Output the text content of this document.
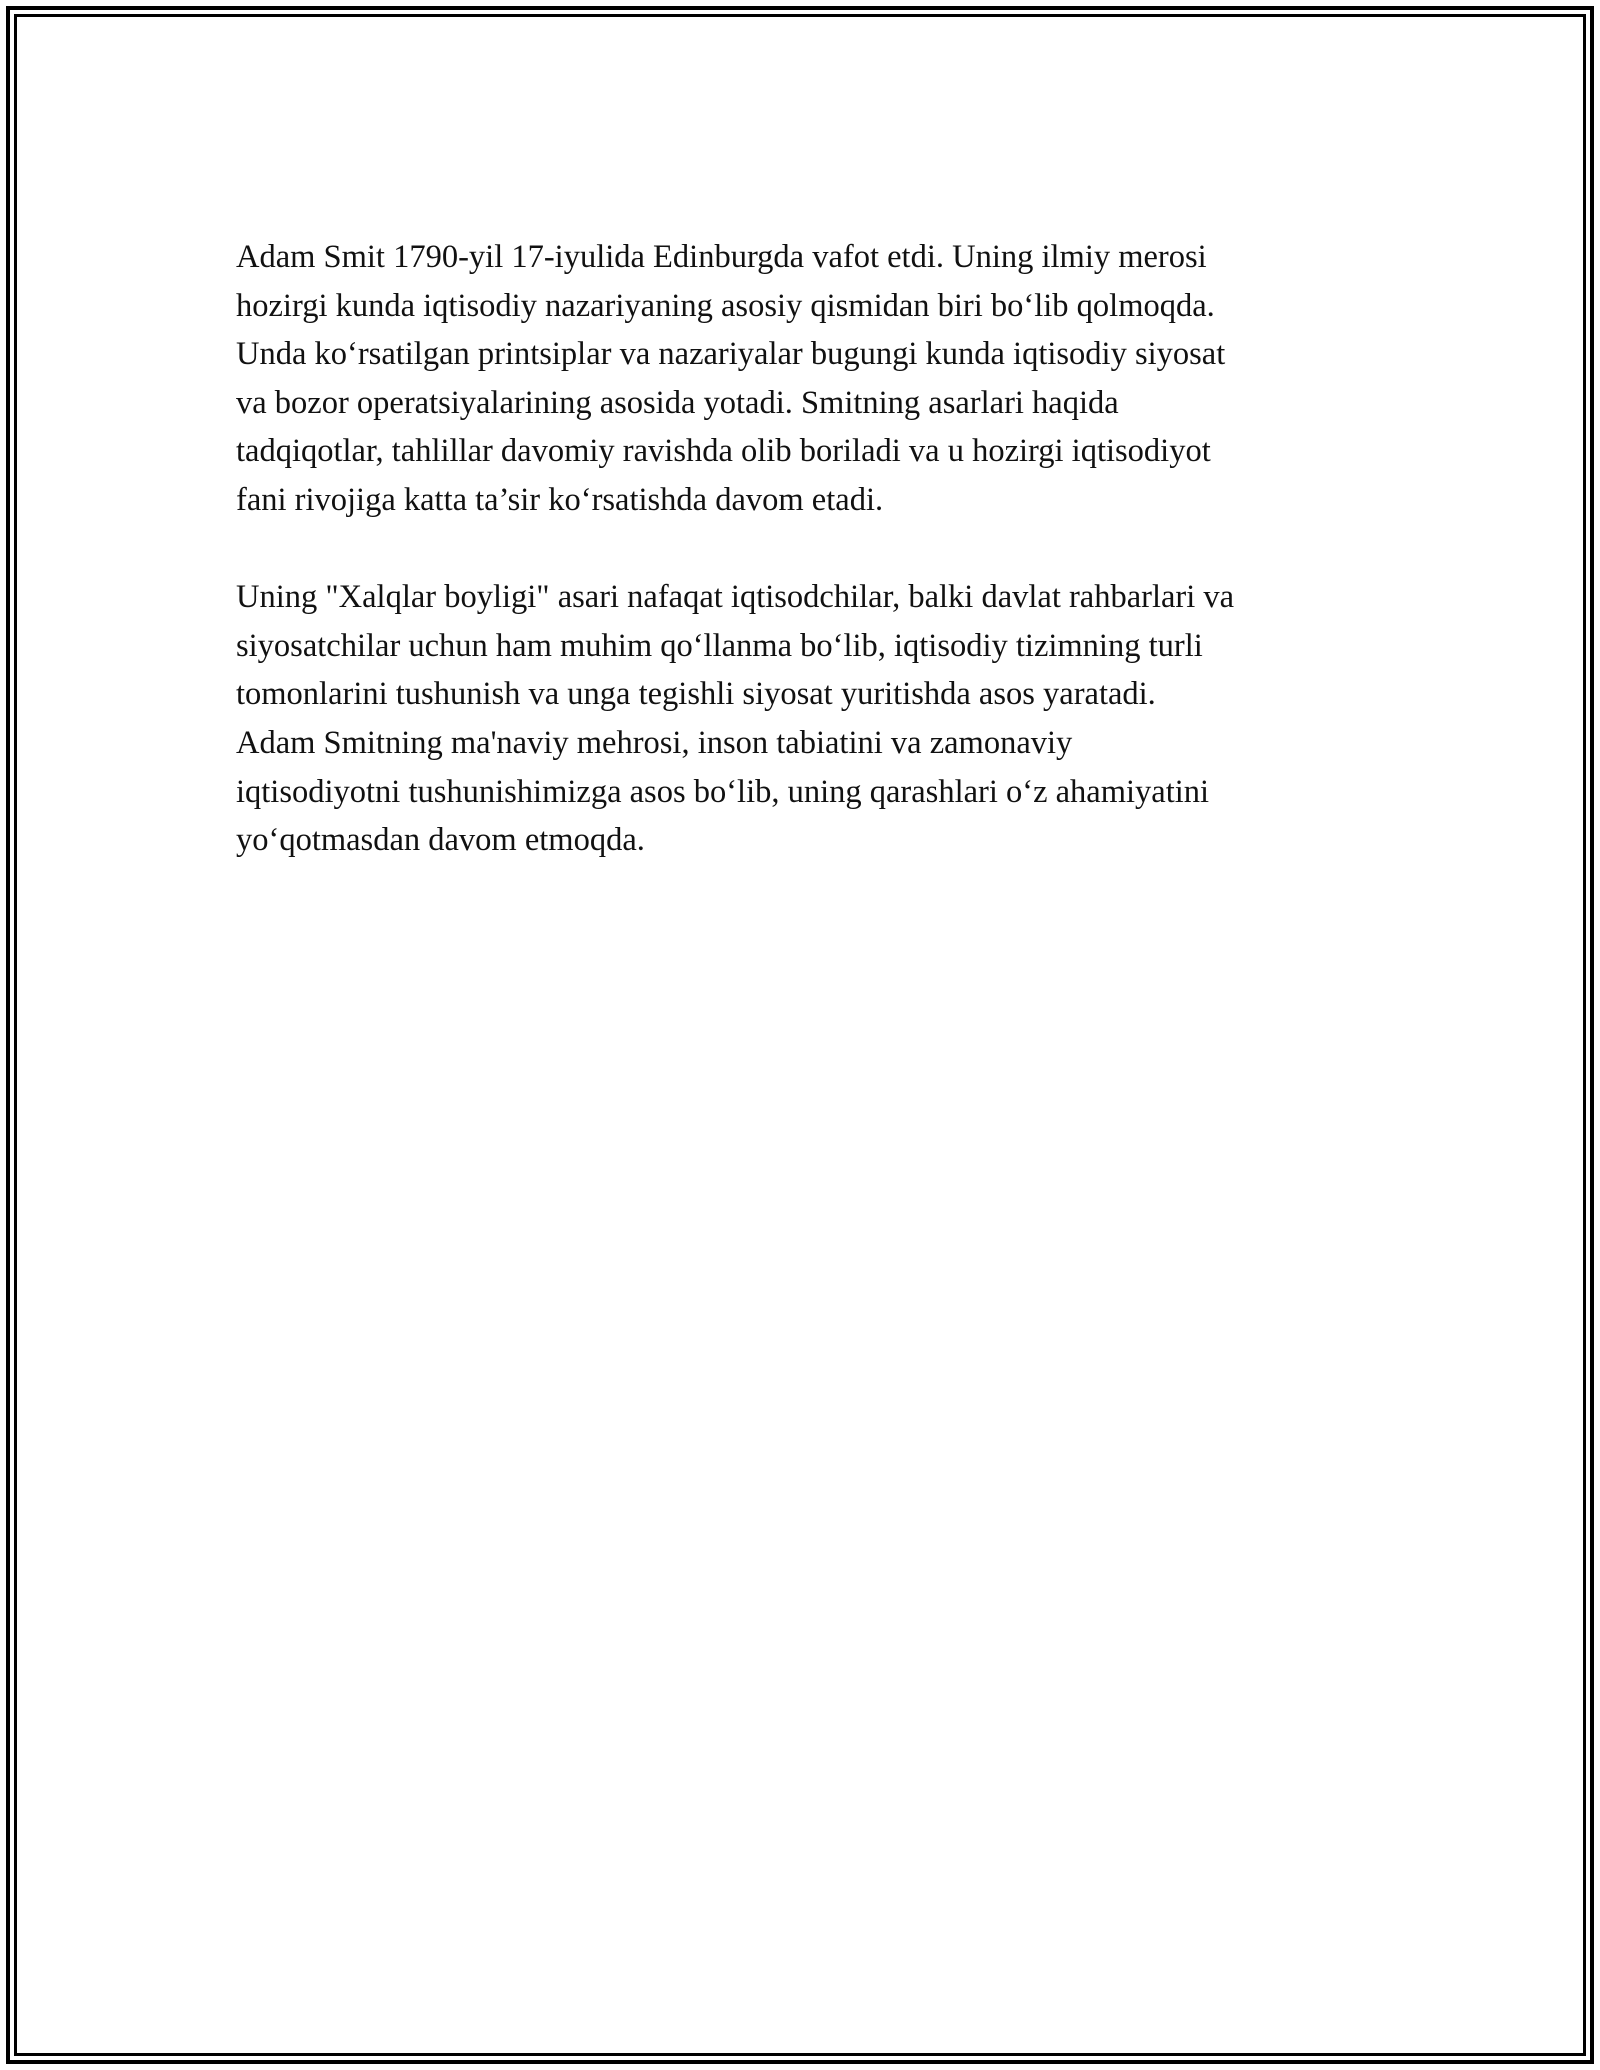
Adam Smit 1790-yil 17-iyulida Edinburgda vafot etdi. Uning ilmiy merosi
hozirgi kunda iqtisodiy nazariyaning asosiy qismidan biri bo‘lib qolmoqda.
Unda ko‘rsatilgan printsiplar va nazariyalar bugungi kunda iqtisodiy siyosat
va bozor operatsiyalarining asosida yotadi. Smitning asarlari haqida
tadqiqotlar, tahlillar davomiy ravishda olib boriladi va u hozirgi iqtisodiyot
fani rivojiga katta ta’sir ko‘rsatishda davom etadi.
Uning "Xalqlar boyligi" asari nafaqat iqtisodchilar, balki davlat rahbarlari va
siyosatchilar uchun ham muhim qo‘llanma bo‘lib, iqtisodiy tizimning turli
tomonlarini tushunish va unga tegishli siyosat yuritishda asos yaratadi.
Adam Smitning ma'naviy mehrosi, inson tabiatini va zamonaviy
iqtisodiyotni tushunishimizga asos bo‘lib, uning qarashlari o‘z ahamiyatini
yo‘qotmasdan davom etmoqda.
